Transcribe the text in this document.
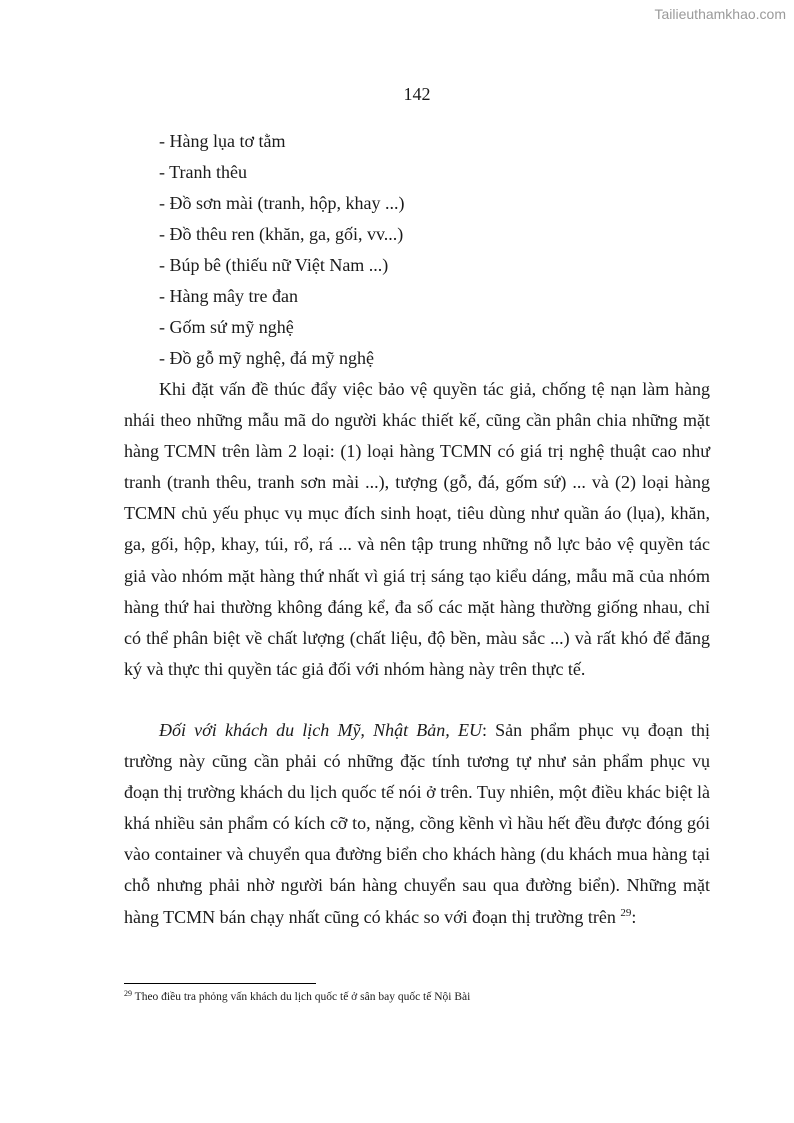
Tailieuthamkhao.com
142
- Hàng lụa tơ tằm
- Tranh thêu
- Đồ sơn mài (tranh, hộp, khay ...)
- Đồ thêu ren (khăn, ga, gối, vv...)
- Búp bê (thiếu nữ Việt Nam ...)
- Hàng mây tre đan
- Gốm sứ mỹ nghệ
- Đồ gỗ mỹ nghệ, đá mỹ nghệ

Khi đặt vấn đề thúc đẩy việc bảo vệ quyền tác giả, chống tệ nạn làm hàng nhái theo những mẫu mã do người khác thiết kế, cũng cần phân chia những mặt hàng TCMN trên làm 2 loại: (1) loại hàng TCMN có giá trị nghệ thuật cao như tranh (tranh thêu, tranh sơn mài ...), tượng (gỗ, đá, gốm sứ) ... và (2) loại hàng TCMN chủ yếu phục vụ mục đích sinh hoạt, tiêu dùng như quần áo (lụa), khăn, ga, gối, hộp, khay, túi, rổ, rá ... và nên tập trung những nỗ lực bảo vệ quyền tác giả vào nhóm mặt hàng thứ nhất vì giá trị sáng tạo kiểu dáng, mẫu mã của nhóm hàng thứ hai thường không đáng kể, đa số các mặt hàng thường giống nhau, chỉ có thể phân biệt về chất lượng (chất liệu, độ bền, màu sắc ...) và rất khó để đăng ký và thực thi quyền tác giả đối với nhóm hàng này trên thực tế.

Đối với khách du lịch Mỹ, Nhật Bản, EU: Sản phẩm phục vụ đoạn thị trường này cũng cần phải có những đặc tính tương tự như sản phẩm phục vụ đoạn thị trường khách du lịch quốc tế nói ở trên. Tuy nhiên, một điều khác biệt là khá nhiều sản phẩm có kích cỡ to, nặng, cồng kềnh vì hầu hết đều được đóng gói vào container và chuyển qua đường biển cho khách hàng (du khách mua hàng tại chỗ nhưng phải nhờ người bán hàng chuyển sau qua đường biển). Những mặt hàng TCMN bán chạy nhất cũng có khác so với đoạn thị trường trên $^{29}$:

$^{29}$ Theo điều tra phỏng vấn khách du lịch quốc tế ở sân bay quốc tế Nội Bài
